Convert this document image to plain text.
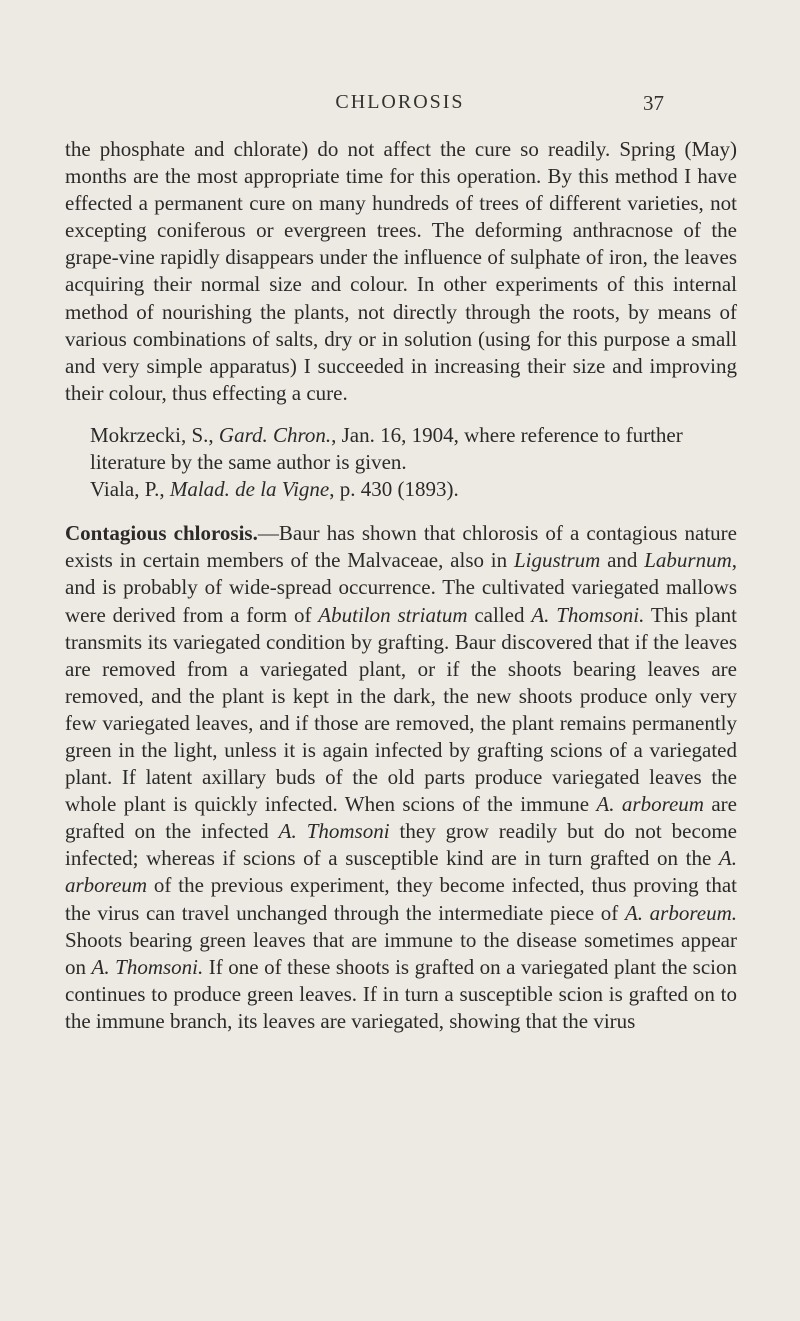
CHLOROSIS	37

the phosphate and chlorate) do not affect the cure so readily. Spring (May) months are the most appropriate time for this operation. By this method I have effected a permanent cure on many hundreds of trees of different varieties, not excepting coniferous or evergreen trees. The deforming anthracnose of the grape-vine rapidly disappears under the influence of sulphate of iron, the leaves acquiring their normal size and colour. In other experiments of this internal method of nourishing the plants, not directly through the roots, by means of various combinations of salts, dry or in solution (using for this purpose a small and very simple apparatus) I succeeded in increasing their size and improving their colour, thus effecting a cure.

Mokrzecki, S., Gard. Chron., Jan. 16, 1904, where reference to further literature by the same author is given.

Viala, P., Malad. de la Vigne, p. 430 (1893).

Contagious chlorosis.—Baur has shown that chlorosis of a contagious nature exists in certain members of the Malvaceae, also in Ligustrum and Laburnum, and is probably of wide-spread occurrence. The cultivated variegated mallows were derived from a form of Abutilon striatum called A. Thomsoni. This plant transmits its variegated condition by grafting. Baur discovered that if the leaves are removed from a variegated plant, or if the shoots bearing leaves are removed, and the plant is kept in the dark, the new shoots produce only very few variegated leaves, and if those are removed, the plant remains permanently green in the light, unless it is again infected by grafting scions of a variegated plant. If latent axillary buds of the old parts produce variegated leaves the whole plant is quickly infected. When scions of the immune A. arboreum are grafted on the infected A. Thomsoni they grow readily but do not become infected; whereas if scions of a susceptible kind are in turn grafted on the A. arboreum of the previous experiment, they become infected, thus proving that the virus can travel unchanged through the intermediate piece of A. arboreum. Shoots bearing green leaves that are immune to the disease sometimes appear on A. Thomsoni. If one of these shoots is grafted on a variegated plant the scion continues to produce green leaves. If in turn a susceptible scion is grafted on to the immune branch, its leaves are variegated, showing that the virus
